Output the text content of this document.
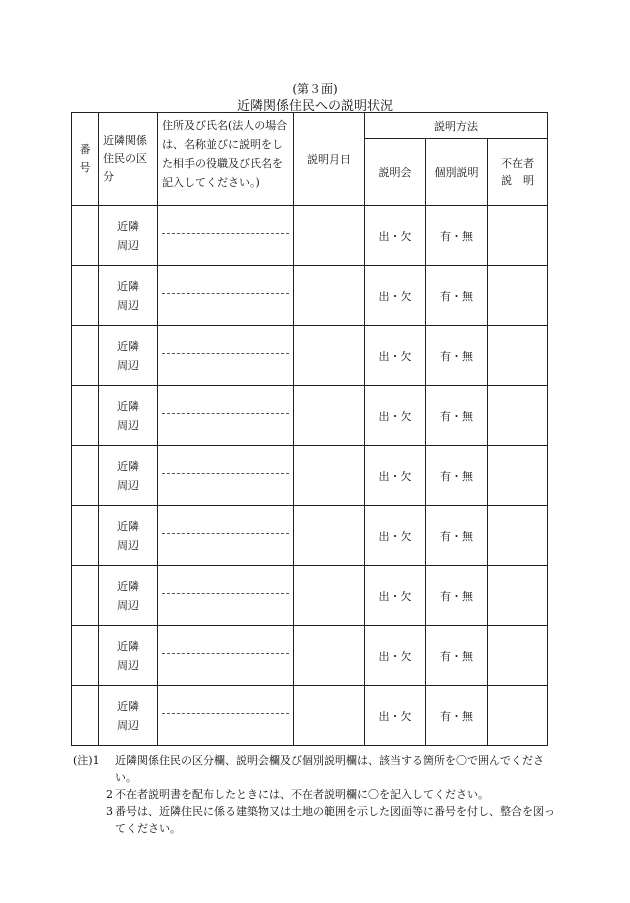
(第３面)
近隣関係住民への説明状況
番号	近隣関係住民の区分	住所及び氏名(法人の場合は、名称並びに説明をした相手の役職及び氏名を記入してください。)	説明月日	説明方法		
				説明会	個別説明	不在者
説　明

	近隣
周辺			出・欠	有・無	

	近隣
周辺			出・欠	有・無	

	近隣
周辺			出・欠	有・無	

	近隣
周辺			出・欠	有・無	

	近隣
周辺			出・欠	有・無	

	近隣
周辺			出・欠	有・無	

	近隣
周辺			出・欠	有・無	

	近隣
周辺			出・欠	有・無	

	近隣
周辺			出・欠	有・無	
(注)1	近隣関係住民の区分欄、説明会欄及び個別説明欄は、該当する箇所を〇で囲んでください。
2 不在者説明書を配布したときには、不在者説明欄に〇を記入してください。
3 番号は、近隣住民に係る建築物又は土地の範囲を示した図面等に番号を付し、整合を図ってください。
